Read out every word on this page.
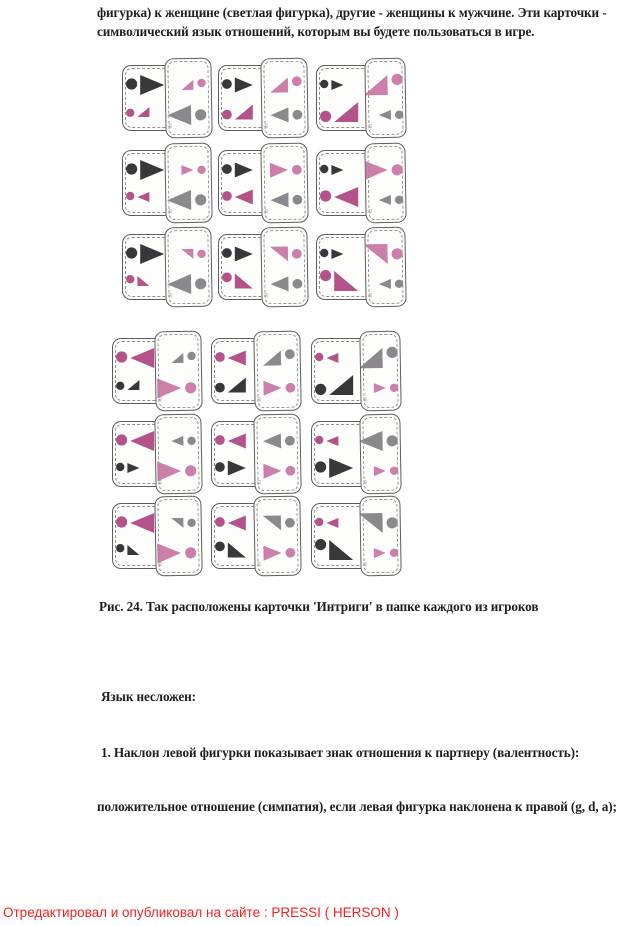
фигурка) к женщине (светлая фигурка), другие - женщины к мужчине. Эти карточки -
символический язык отношений, которым вы будете пользоваться в игре.
ю	ю	ю
ю	ю	ю
ю	ю	ю
ю	ю	ю
ю	ю	ю
ю	ю	ю
Рис. 24. Так расположены карточки 'Интриги' в папке каждого из игроков
Язык несложен:
1. Наклон левой фигурки показывает знак отношения к партнеру (валентность):
положительное отношение (симпатия), если левая фигурка наклонена к правой (g, d, a);
Отредактировал и опубликовал на сайте : PRESSI ( HERSON )
